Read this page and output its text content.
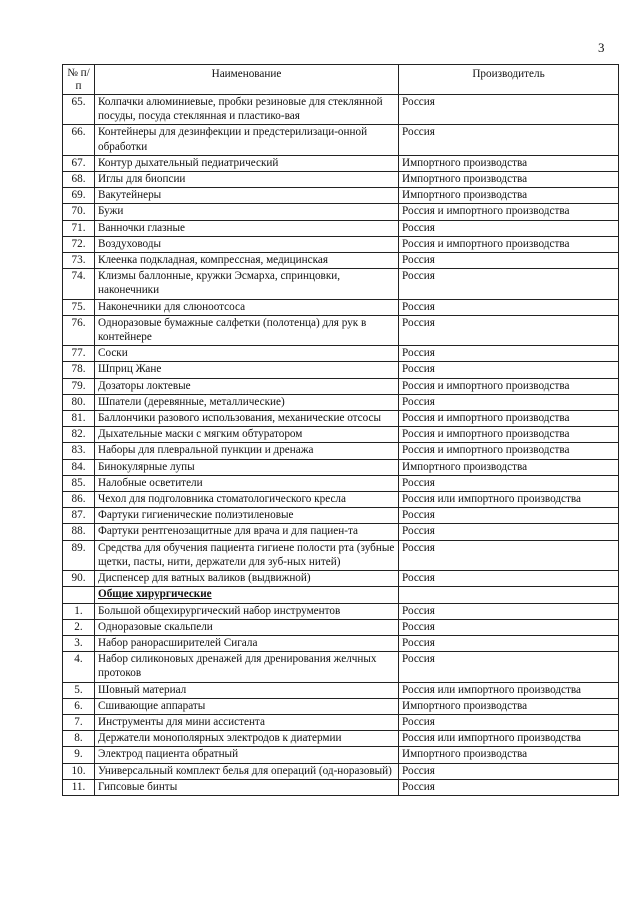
3
№ п/п	Наименование	Производитель
65.	Колпачки алюминиевые, пробки резиновые для стеклянной посуды, посуда стеклянная и пластико-вая	Россия
66.	Контейнеры для дезинфекции и предстерилизаци-онной обработки	Россия
67.	Контур дыхательный педиатрический	Импортного производства
68.	Иглы для биопсии	Импортного производства
69.	Вакутейнеры	Импортного производства
70.	Бужи	Россия и импортного производства
71.	Ванночки глазные	Россия
72.	Воздуховоды	Россия и импортного производства
73.	Клеенка подкладная, компрессная, медицинская	Россия
74.	Клизмы баллонные, кружки Эсмарха, спринцовки, наконечники	Россия
75.	Наконечники для слюноотсоса	Россия
76.	Одноразовые бумажные салфетки (полотенца) для рук в контейнере	Россия
77.	Соски	Россия
78.	Шприц Жане	Россия
79.	Дозаторы локтевые	Россия и импортного производства
80.	Шпатели (деревянные, металлические)	Россия
81.	Баллончики разового использования, механические отсосы	Россия и импортного производства
82.	Дыхательные маски с мягким обтуратором	Россия и импортного производства
83.	Наборы для плевральной пункции и дренажа	Россия и импортного производства
84.	Бинокулярные лупы	Импортного производства
85.	Налобные осветители	Россия
86.	Чехол для подголовника стоматологического кресла	Россия или импортного производства
87.	Фартуки гигиенические полиэтиленовые	Россия
88.	Фартуки рентгенозащитные для врача и для пациен-та	Россия
89.	Средства для обучения пациента гигиене полости рта (зубные щетки, пасты, нити, держатели для зуб-ных нитей)	Россия
90.	Диспенсер для ватных валиков (выдвижной)	Россия
	Общие хирургические	
1.	Большой общехирургический набор инструментов	Россия
2.	Одноразовые скальпели	Россия
3.	Набор ранорасширителей Сигала	Россия
4.	Набор силиконовых дренажей для дренирования желчных протоков	Россия
5.	Шовный материал	Россия или импортного производства
6.	Сшивающие аппараты	Импортного производства
7.	Инструменты для мини ассистента	Россия
8.	Держатели монополярных электродов к диатермии	Россия или импортного производства
9.	Электрод пациента обратный	Импортного производства
10.	Универсальный комплект белья для операций (од-норазовый)	Россия
11.	Гипсовые бинты	Россия
